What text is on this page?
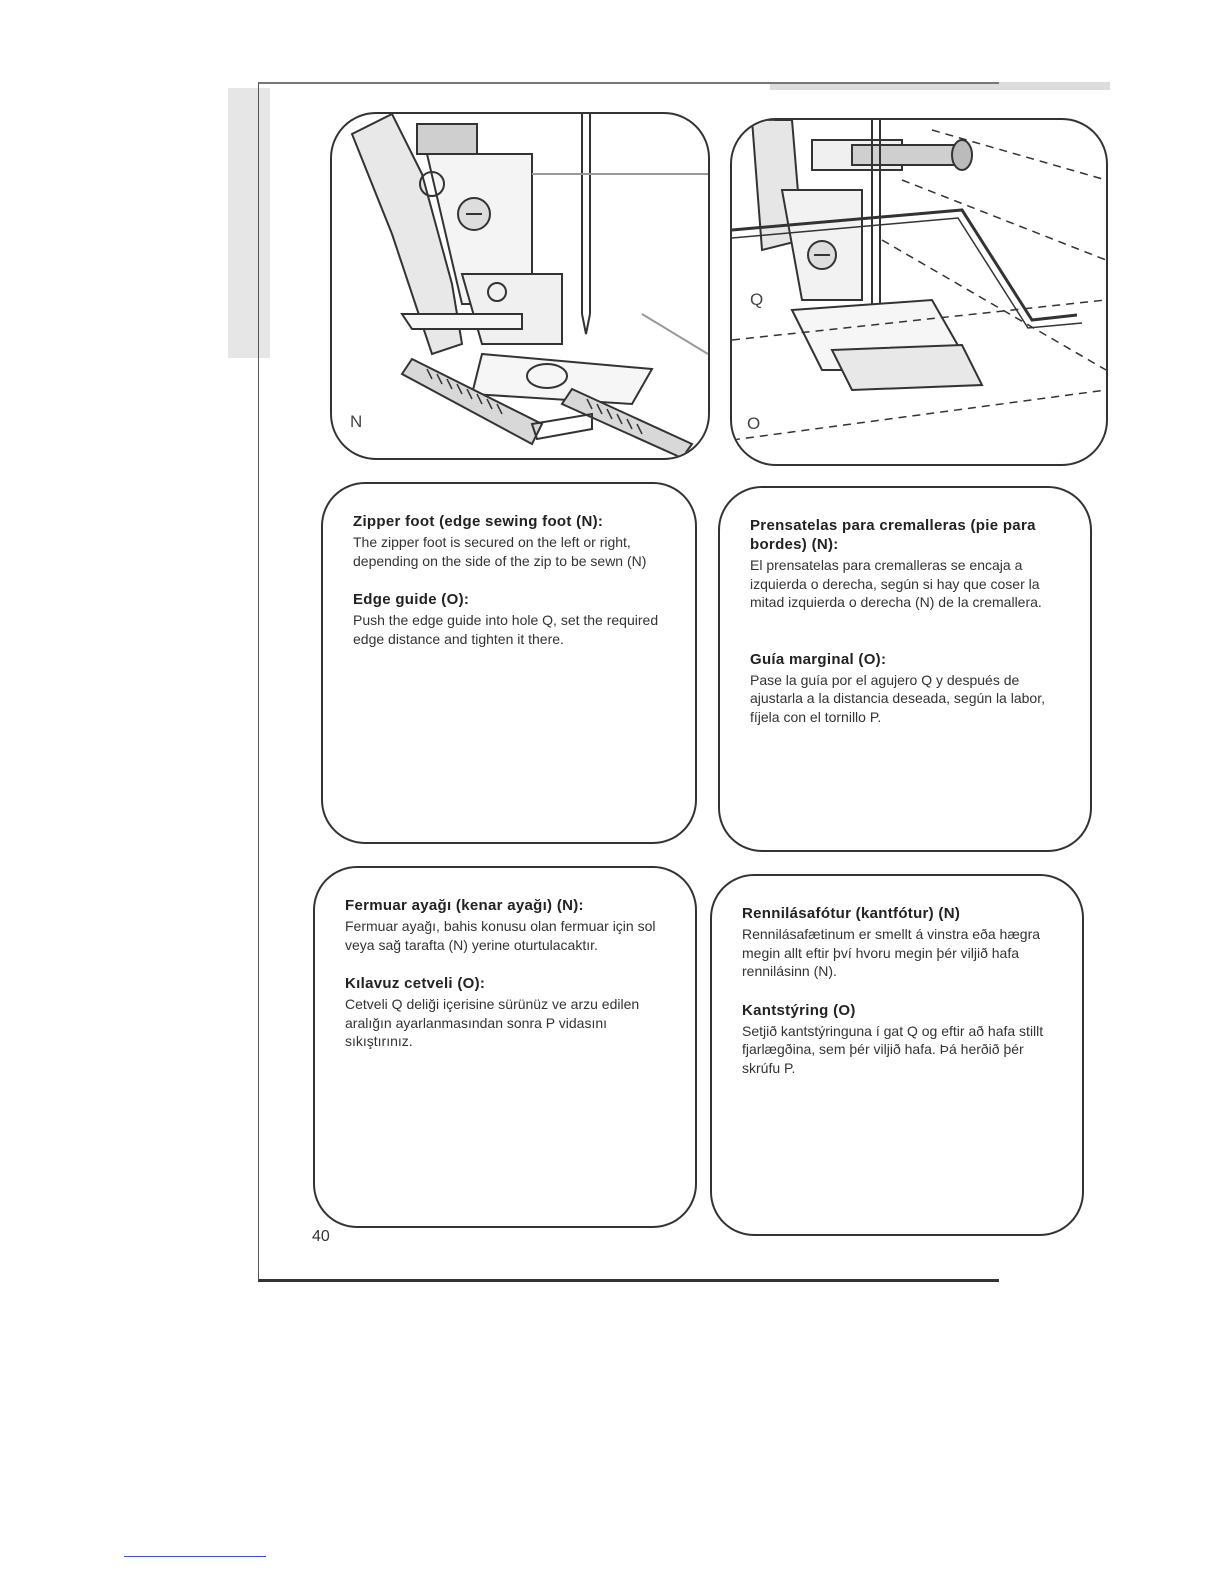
N
Q
O
Zipper foot (edge sewing foot (N):

The zipper foot is secured on the left or right, depending on the side of the zip to be sewn (N)

Edge guide (O):

Push the edge guide into hole Q, set the required edge distance and tighten it there.

Prensatelas para cremalleras (pie para bordes) (N):

El prensatelas para cremalleras se encaja a izquierda o derecha, según si hay que coser la mitad izquierda o derecha (N) de la cremallera.

Guía marginal (O):

Pase la guía por el agujero Q y después de ajustarla a la distancia deseada, según la labor, fíjela con el tornillo P.

Fermuar ayağı (kenar ayağı) (N):

Fermuar ayağı, bahis konusu olan fermuar için sol veya sağ tarafta (N) yerine oturtulacaktır.

Kılavuz cetveli (O):

Cetveli Q deliği içerisine sürünüz ve arzu edilen aralığın ayarlanmasından sonra P vidasını sıkıştırınız.

Rennilásafótur (kantfótur) (N)

Rennilásafætinum er smellt á vinstra eða hægra megin allt eftir því hvoru megin þér viljið hafa rennilásinn (N).

Kantstýring (O)

Setjið kantstýringuna í gat Q og eftir að hafa stillt fjarlægðina, sem þér viljið hafa. Þá herðið þér skrúfu P.

40
